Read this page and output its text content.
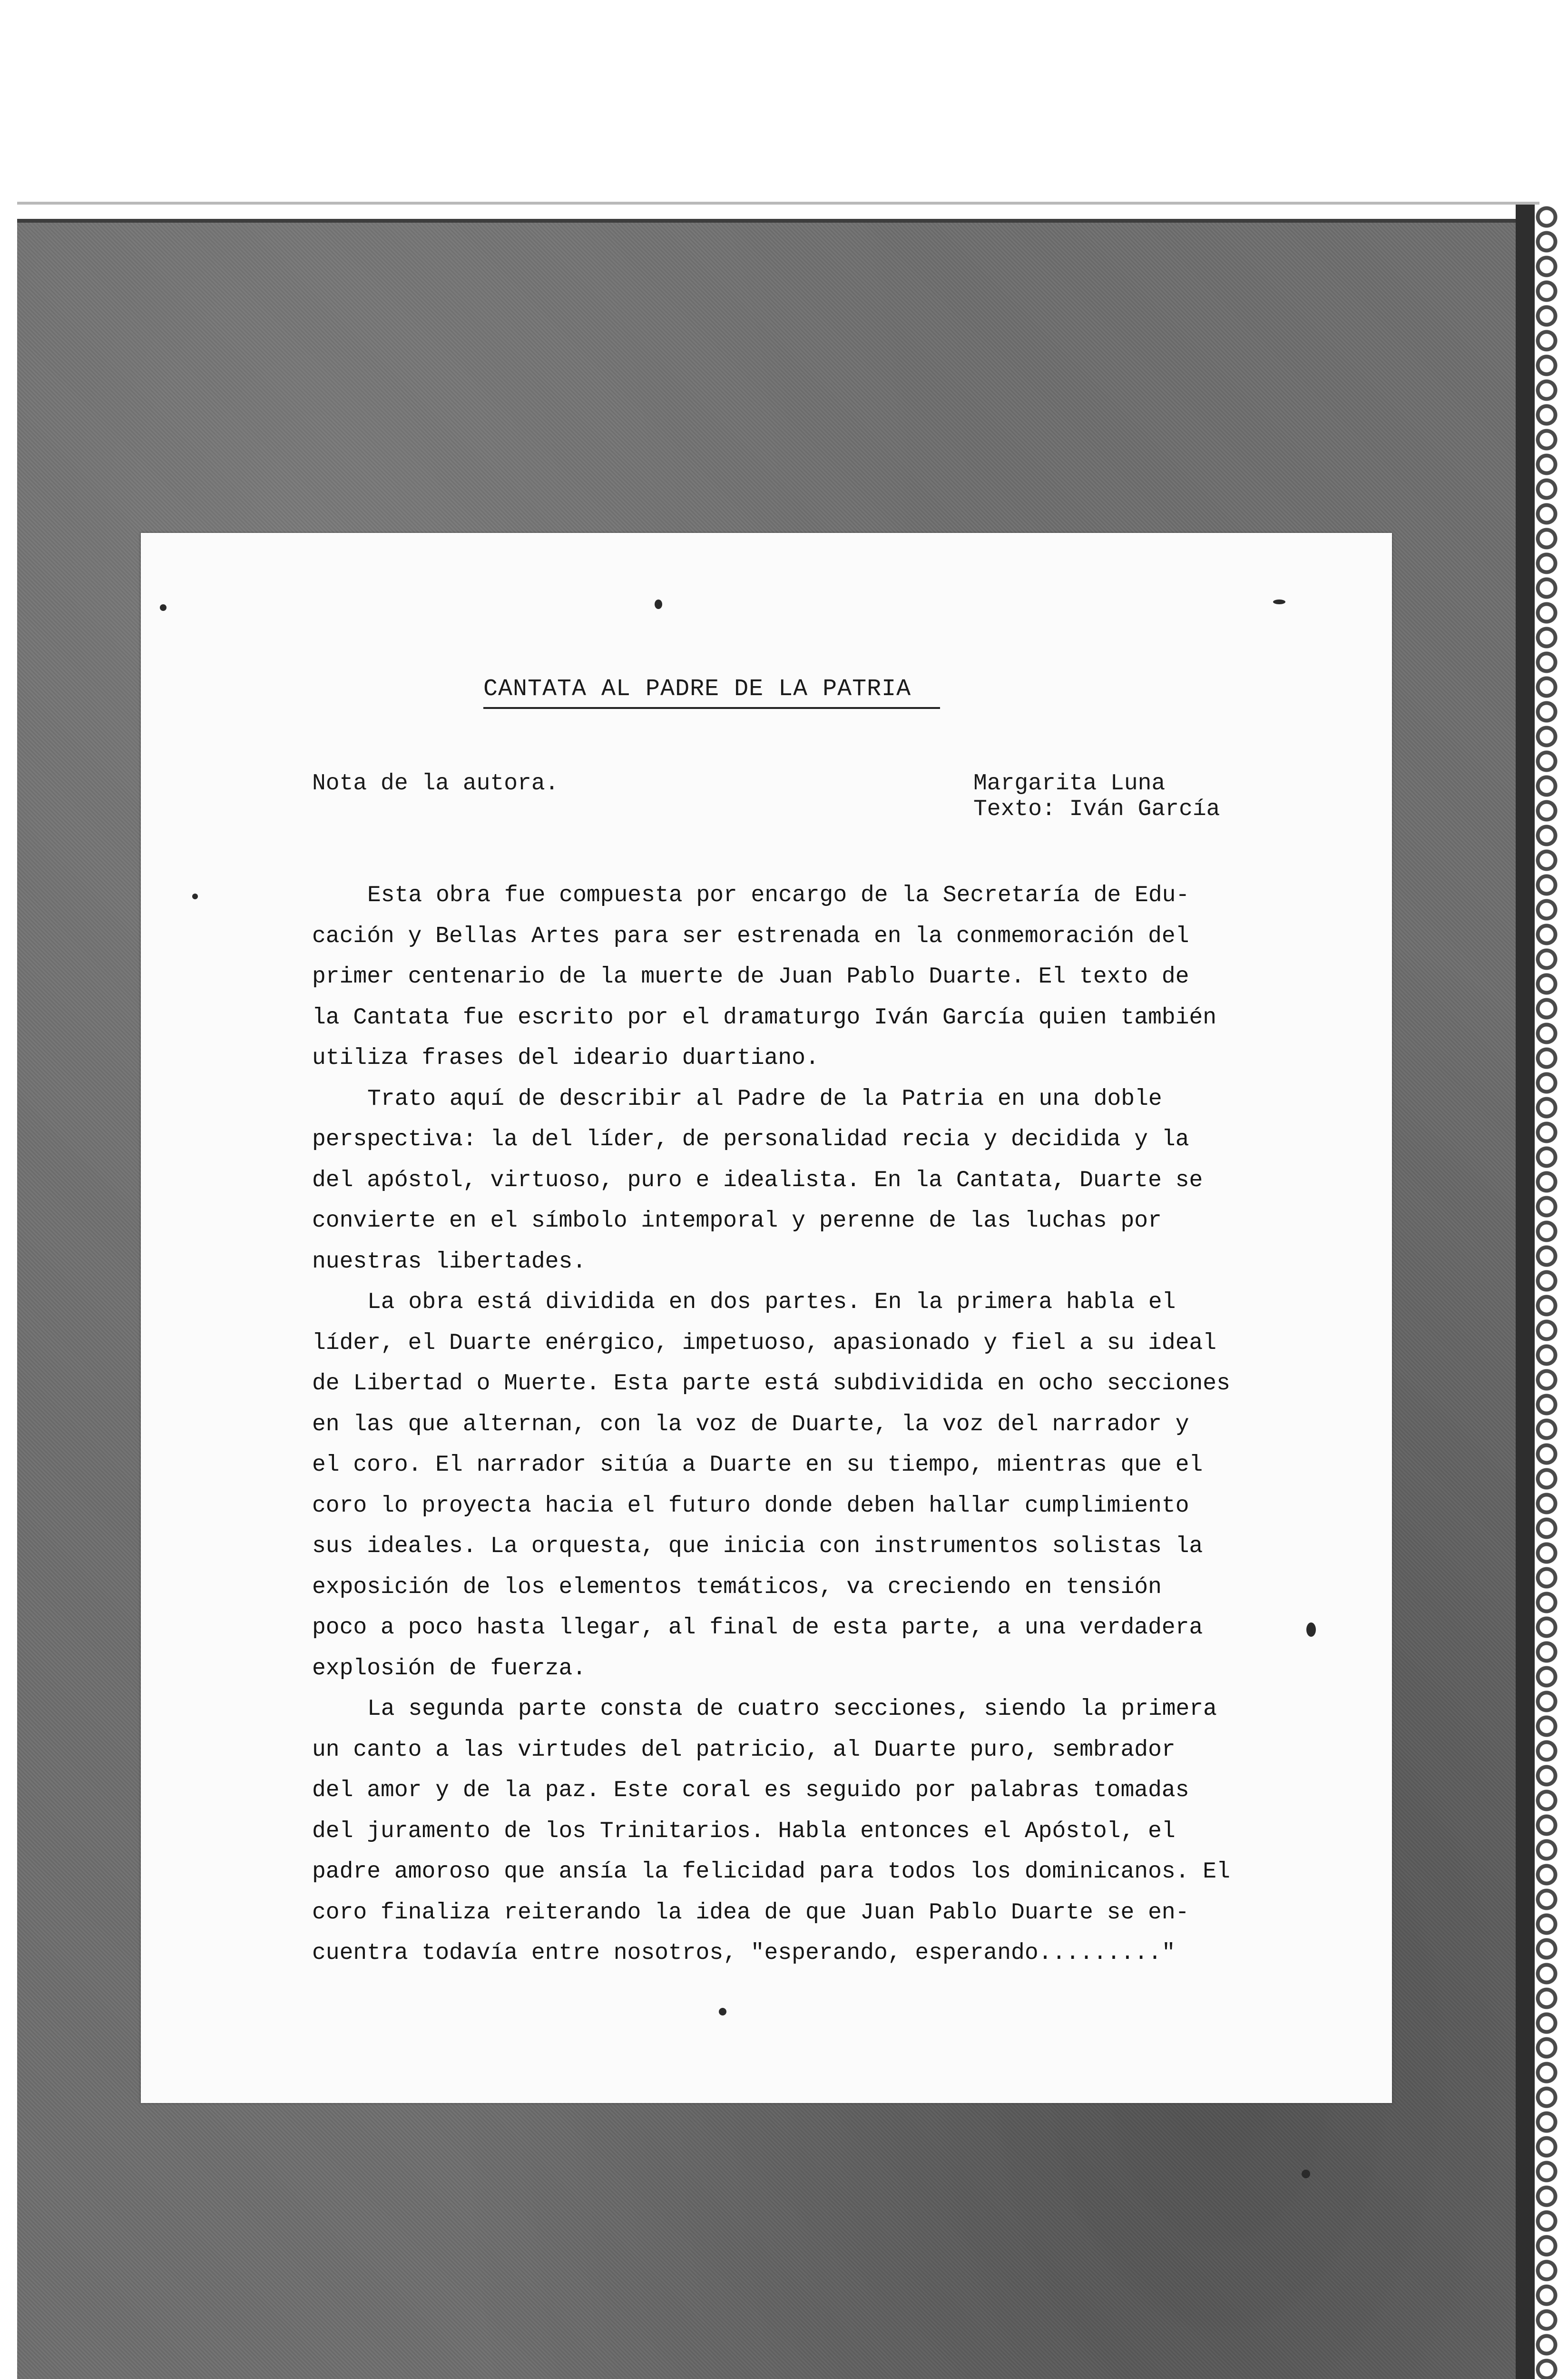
CANTATA AL PADRE DE LA PATRIA
Nota de la autora.	Margarita Luna
Texto: Iván García
Esta obra fue compuesta por encargo de la Secretaría de Edu-
cación y Bellas Artes para ser estrenada en la conmemoración del
primer centenario de la muerte de Juan Pablo Duarte. El texto de
la Cantata fue escrito por el dramaturgo Iván García quien también
utiliza frases del ideario duartiano.
Trato aquí de describir al Padre de la Patria en una doble
perspectiva: la del líder, de personalidad recia y decidida y la
del apóstol, virtuoso, puro e idealista. En la Cantata, Duarte se
convierte en el símbolo intemporal y perenne de las luchas por
nuestras libertades.
La obra está dividida en dos partes. En la primera habla el
líder, el Duarte enérgico, impetuoso, apasionado y fiel a su ideal
de Libertad o Muerte. Esta parte está subdividida en ocho secciones
en las que alternan, con la voz de Duarte, la voz del narrador y
el coro. El narrador sitúa a Duarte en su tiempo, mientras que el
coro lo proyecta hacia el futuro donde deben hallar cumplimiento
sus ideales. La orquesta, que inicia con instrumentos solistas la
exposición de los elementos temáticos, va creciendo en tensión
poco a poco hasta llegar, al final de esta parte, a una verdadera
explosión de fuerza.
La segunda parte consta de cuatro secciones, siendo la primera
un canto a las virtudes del patricio, al Duarte puro, sembrador
del amor y de la paz. Este coral es seguido por palabras tomadas
del juramento de los Trinitarios. Habla entonces el Apóstol, el
padre amoroso que ansía la felicidad para todos los dominicanos. El
coro finaliza reiterando la idea de que Juan Pablo Duarte se en-
cuentra todavía entre nosotros, "esperando, esperando........."
